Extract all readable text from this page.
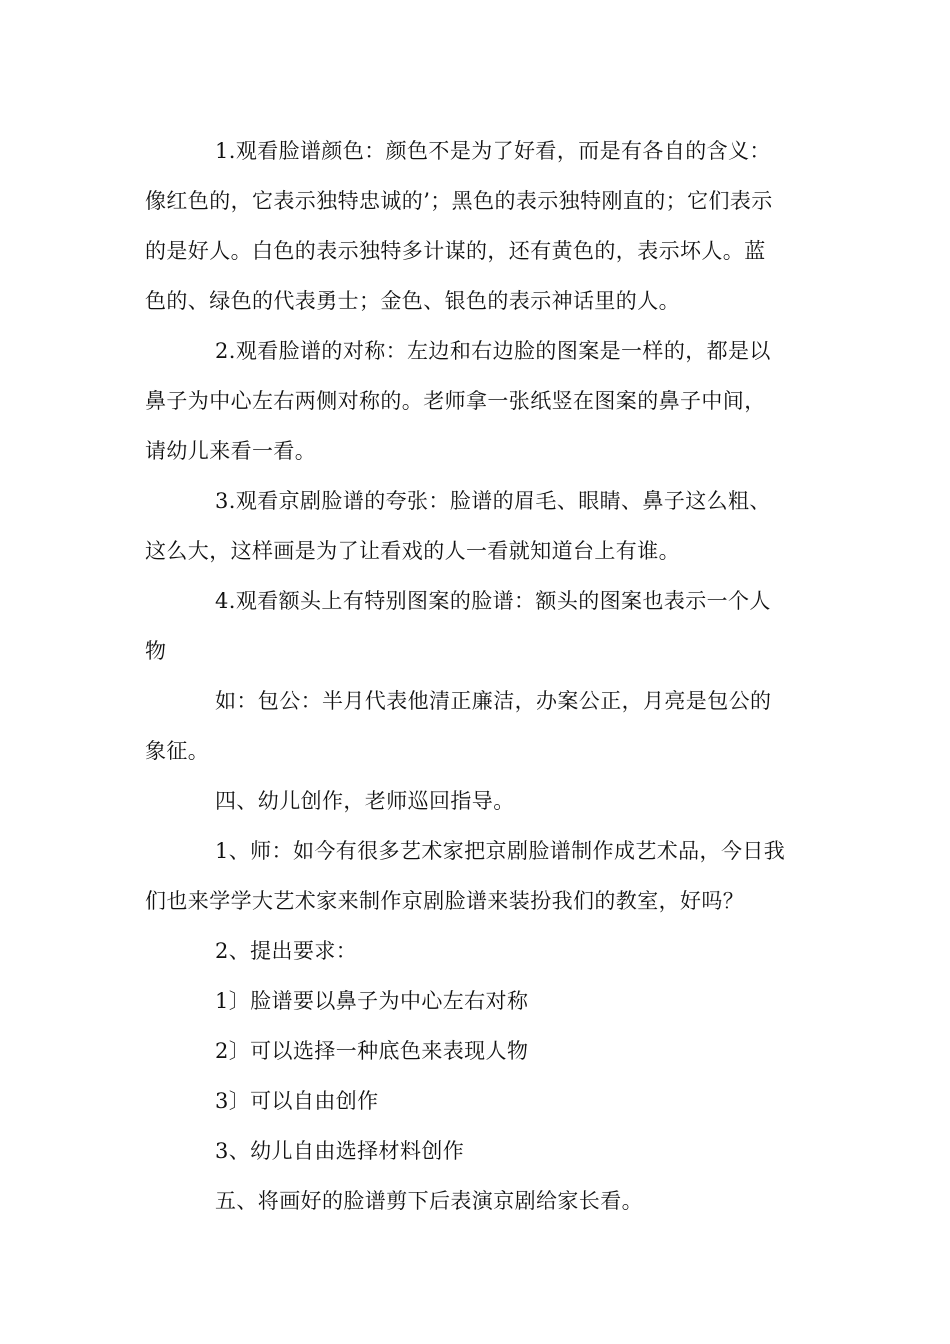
1.观看脸谱颜色：颜色不是为了好看，而是有各自的含义：

像红色的，它表示独特忠诚的’；黑色的表示独特刚直的；它们表示

的是好人。白色的表示独特多计谋的，还有黄色的，表示坏人。蓝

色的、绿色的代表勇士；金色、银色的表示神话里的人。

2.观看脸谱的对称：左边和右边脸的图案是一样的，都是以

鼻子为中心左右两侧对称的。老师拿一张纸竖在图案的鼻子中间，

请幼儿来看一看。

3.观看京剧脸谱的夸张：脸谱的眉毛、眼睛、鼻子这么粗、

这么大，这样画是为了让看戏的人一看就知道台上有谁。

4.观看额头上有特别图案的脸谱：额头的图案也表示一个人

物

如：包公：半月代表他清正廉洁，办案公正，月亮是包公的

象征。

四、幼儿创作，老师巡回指导。

1、师：如今有很多艺术家把京剧脸谱制作成艺术品，今日我

们也来学学大艺术家来制作京剧脸谱来装扮我们的教室，好吗？

2、提出要求：

1〕脸谱要以鼻子为中心左右对称

2〕可以选择一种底色来表现人物

3〕可以自由创作

3、幼儿自由选择材料创作

五、将画好的脸谱剪下后表演京剧给家长看。
